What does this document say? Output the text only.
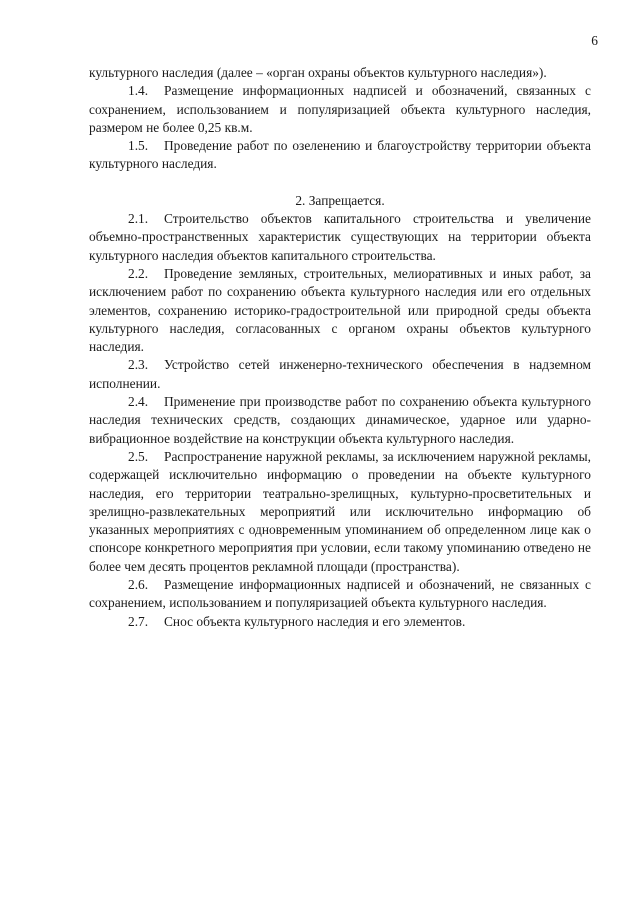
6

культурного наследия (далее – «орган охраны объектов культурного наследия»).

1.4. Размещение информационных надписей и обозначений, связанных с сохранением, использованием и популяризацией объекта культурного наследия, размером не более 0,25 кв.м.

1.5. Проведение работ по озеленению и благоустройству территории объекта культурного наследия.

2. Запрещается.

2.1. Строительство объектов капитального строительства и увеличение объемно-пространственных характеристик существующих на территории объекта культурного наследия объектов капитального строительства.

2.2. Проведение земляных, строительных, мелиоративных и иных работ, за исключением работ по сохранению объекта культурного наследия или его отдельных элементов, сохранению историко-градостроительной или природной среды объекта культурного наследия, согласованных с органом охраны объектов культурного наследия.

2.3. Устройство сетей инженерно-технического обеспечения в надземном исполнении.

2.4. Применение при производстве работ по сохранению объекта культурного наследия технических средств, создающих динамическое, ударное или ударно-вибрационное воздействие на конструкции объекта культурного наследия.

2.5. Распространение наружной рекламы, за исключением наружной рекламы, содержащей исключительно информацию о проведении на объекте культурного наследия, его территории театрально-зрелищных, культурно-просветительных и зрелищно-развлекательных мероприятий или исключительно информацию об указанных мероприятиях с одновременным упоминанием об определенном лице как о спонсоре конкретного мероприятия при условии, если такому упоминанию отведено не более чем десять процентов рекламной площади (пространства).

2.6. Размещение информационных надписей и обозначений, не связанных с сохранением, использованием и популяризацией объекта культурного наследия.

2.7. Снос объекта культурного наследия и его элементов.
